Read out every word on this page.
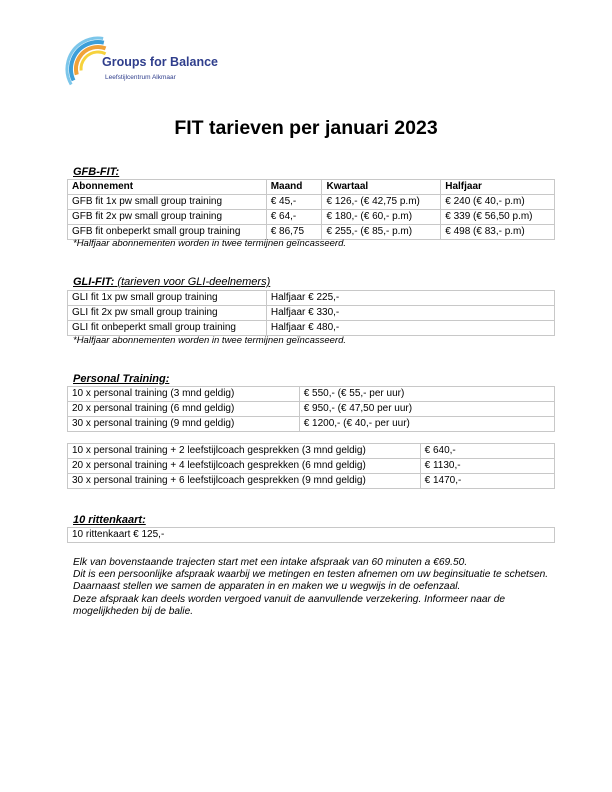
Groups for Balance
Leefstijlcentrum Alkmaar
FIT tarieven per januari 2023
GFB-FIT:
Abonnement	Maand	Kwartaal	Halfjaar
GFB fit 1x pw small group training	€ 45,-	€ 126,- (€ 42,75 p.m)	€ 240 (€ 40,- p.m)
GFB fit 2x pw small group training	€ 64,-	€ 180,- (€ 60,- p.m)	€ 339 (€ 56,50 p.m)
GFB fit onbeperkt small group training	€ 86,75	€ 255,- (€ 85,- p.m)	€ 498 (€ 83,- p.m)
*Halfjaar abonnementen worden in twee termijnen geïncasseerd.
GLI-FIT: (tarieven voor GLI-deelnemers)
GLI fit 1x pw small group training	Halfjaar € 225,-
GLI fit 2x pw small group training	Halfjaar € 330,-
GLI fit onbeperkt small group training	Halfjaar € 480,-
*Halfjaar abonnementen worden in twee termijnen geïncasseerd.
Personal Training:
10 x personal training (3 mnd geldig)	€ 550,- (€ 55,- per uur)
20 x personal training (6 mnd geldig)	€ 950,- (€ 47,50 per uur)
30 x personal training (9 mnd geldig)	€ 1200,- (€ 40,- per uur)
10 x personal training + 2 leefstijlcoach gesprekken (3 mnd geldig)	€ 640,-
20 x personal training + 4 leefstijlcoach gesprekken (6 mnd geldig)	€ 1130,-
30 x personal training + 6 leefstijlcoach gesprekken (9 mnd geldig)	€ 1470,-
10 rittenkaart:
10 rittenkaart € 125,-

Elk van bovenstaande trajecten start met een intake afspraak van 60 minuten a €69.50.

Dit is een persoonlijke afspraak waarbij we metingen en testen afnemen om uw beginsituatie te schetsen. Daarnaast stellen we samen de apparaten in en maken we u wegwijs in de oefenzaal.

Deze afspraak kan deels worden vergoed vanuit de aanvullende verzekering. Informeer naar de mogelijkheden bij de balie.
